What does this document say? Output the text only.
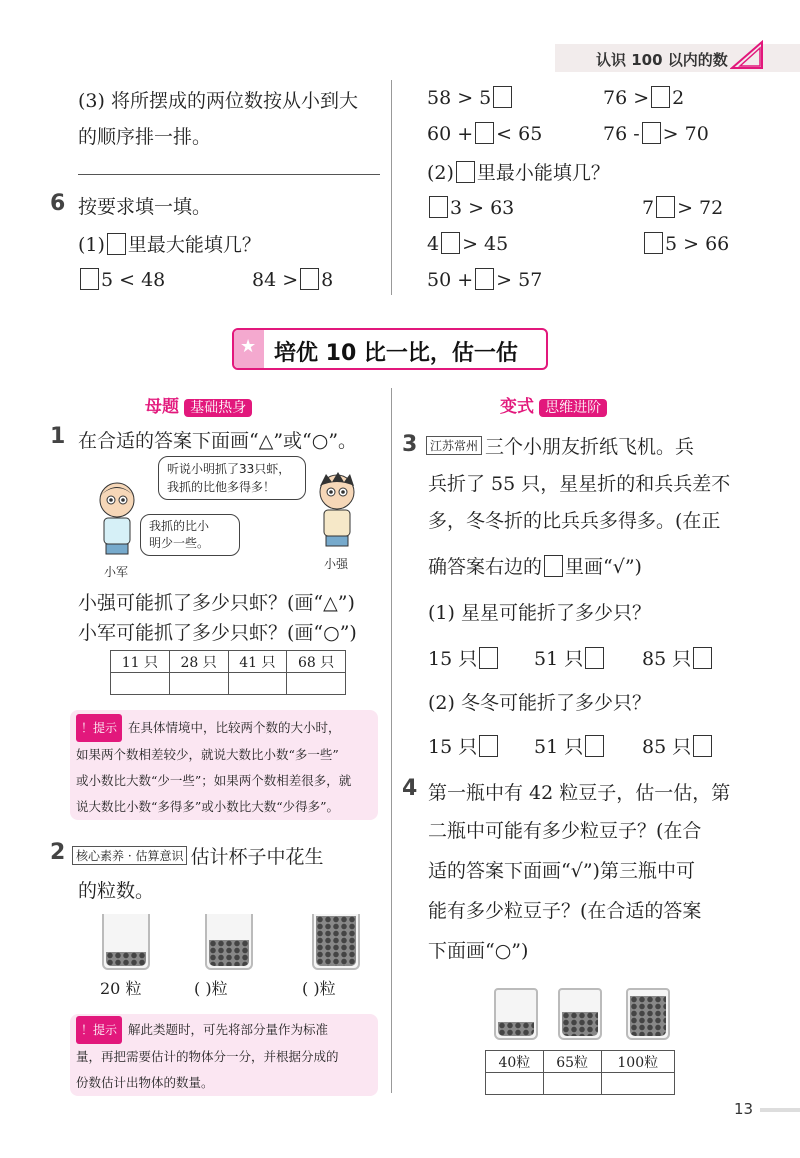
认识 100 以内的数
(3) 将所摆成的两位数按从小到大
的顺序排一排。
6 按要求填一填。
(1) 里最大能填几？
5 < 48	84 > 8
58 > 5	76 > 2
60 + < 65	76 - > 70
(2) 里最小能填几？
3 > 63	7 > 72
4 > 45	5 > 66
50 + > 57
★ 培优 10 比一比，估一估
母题 基础热身	变式 思维进阶
1 在合适的答案下面画“△”或“○”。
听说小明抓了33只虾，
我抓的比他多得多！
我抓的比小
明少一些。
小军
小强
小强可能抓了多少只虾？(画“△”)
小军可能抓了多少只虾？(画“○”)
11 只	28 只	41 只	68 只

！提示 在具体情境中，比较两个数的大小时，

如果两个数相差较少，就说大数比小数“多一些”

或小数比大数“少一些”；如果两个数相差很多，就

说大数比小数“多得多”或小数比大数“少得多”。

2 核心素养 · 估算意识 估计杯子中花生
的粒数。
20 粒	( )粒	( )粒

！提示 解此类题时，可先将部分量作为标准

量，再把需要估计的物体分一分，并根据分成的

份数估计出物体的数量。

3	江苏常州 三个小朋友折纸飞机。兵
兵折了 55 只，星星折的和兵兵差不
多，冬冬折的比兵兵多得多。(在正
确答案右边的 里画“√”)
(1) 星星可能折了多少只？
15 只	51 只	85 只
(2) 冬冬可能折了多少只？
15 只	51 只	85 只
4 第一瓶中有 42 粒豆子，估一估，第
二瓶中可能有多少粒豆子？(在合
适的答案下面画“√”)第三瓶中可
能有多少粒豆子？(在合适的答案
下面画“○”)
40粒	65粒	100粒

13
